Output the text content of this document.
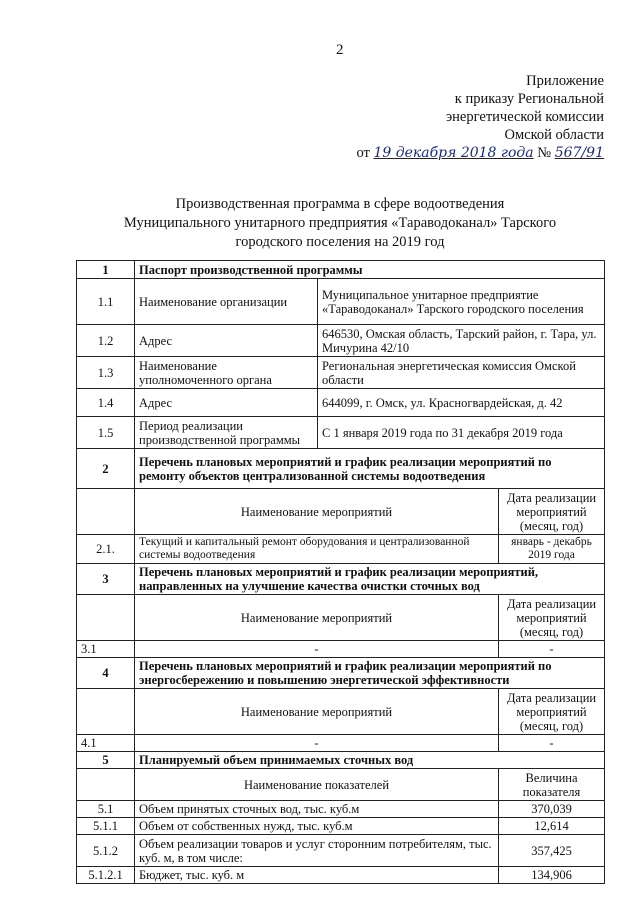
2
Приложение
к приказу Региональной
энергетической комиссии
Омской области
от 19 декабря 2018 года № 567/91
Производственная программа в сфере водоотведения
Муниципального унитарного предприятия «Тараводоканал» Тарского
городского поселения на 2019 год
1	Паспорт производственной программы		
1.1	Наименование организации	Муниципальное унитарное предприятие «Тараводоканал» Тарского городского поселения	
1.2	Адрес	646530, Омская область, Тарский район, г. Тара, ул. Мичурина 42/10	
1.3	Наименование уполномоченного органа	Региональная энергетическая комиссия Омской области	
1.4	Адрес	644099, г. Омск, ул. Красногвардейская, д. 42	
1.5	Период реализации производственной программы	С 1 января 2019 года по 31 декабря 2019 года	
2	Перечень плановых мероприятий и график реализации мероприятий по ремонту объектов централизованной системы водоотведения		
	Наименование мероприятий		Дата реализации мероприятий (месяц, год)
2.1.	Текущий и капитальный ремонт оборудования и централизованной системы водоотведения		январь - декабрь 2019 года
3	Перечень плановых мероприятий и график реализации мероприятий, направленных на улучшение качества очистки сточных вод		
	Наименование мероприятий		Дата реализации мероприятий (месяц, год)
3.1	-		-
4	Перечень плановых мероприятий и график реализации мероприятий по энергосбережению и повышению энергетической эффективности		
	Наименование мероприятий		Дата реализации мероприятий (месяц, год)
4.1	-		-
5	Планируемый объем принимаемых сточных вод		
	Наименование показателей		Величина показателя
5.1	Объем принятых сточных вод, тыс. куб.м		370,039
5.1.1	Объем от собственных нужд, тыс. куб.м		12,614
5.1.2	Объем реализации товаров и услуг сторонним потребителям, тыс. куб. м, в том числе:		357,425
5.1.2.1	Бюджет, тыс. куб. м		134,906
